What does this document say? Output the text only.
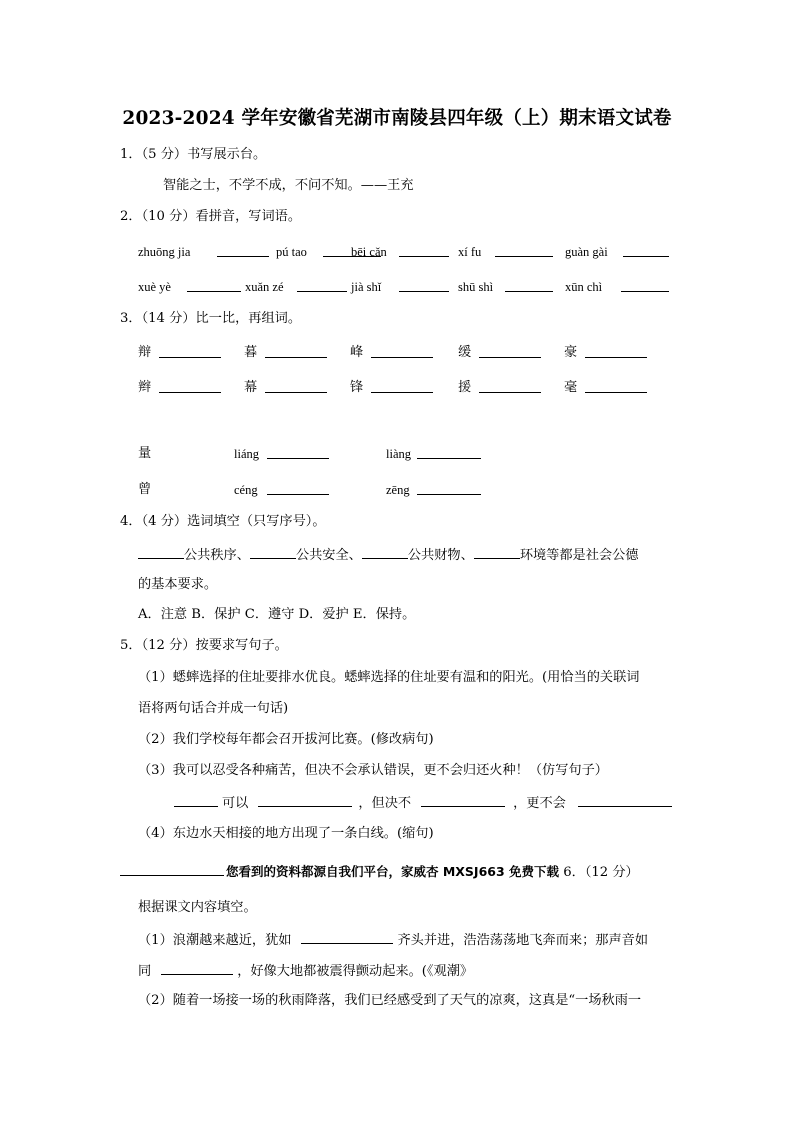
2023-2024 学年安徽省芜湖市南陵县四年级（上）期末语文试卷
1．（5 分）书写展示台。
智能之士，不学不成，不问不知。——王充
2．（10 分）看拼音，写词语。
zhuōng jia	pú tao	bēi cǎn	xí fu	guàn gài
xuè yè	xuǎn zé	jià shǐ	shū shì	xūn chì
3．（14 分）比一比，再组词。
辩	暮	峰	缓	豪
辫	幕	锋	援	毫
量	liáng	liàng
曾	céng	zēng
4．（4 分）选词填空（只写序号）。
公共秩序、	公共安全、	公共财物、	环境等都是社会公德
的基本要求。
A．注意 B．保护 C．遵守 D．爱护 E．保持。
5．（12 分）按要求写句子。
（1）蟋蟀选择的住址要排水优良。蟋蟀选择的住址要有温和的阳光。(用恰当的关联词
语将两句话合并成一句话)
（2）我们学校每年都会召开拔河比赛。(修改病句)
（3）我可以忍受各种痛苦，但决不会承认错误，更不会归还火种！（仿写句子）
可以	，但决不	，更不会
（4）东边水天相接的地方出现了一条白线。(缩句)
您看到的资料都源自我们平台，家威杏 MXSJ663 免费下载 6．（12 分）
根据课文内容填空。
（1）浪潮越来越近，犹如	齐头并进，浩浩荡荡地飞奔而来；那声音如
同	，好像大地都被震得颤动起来。(《观潮》
（2）随着一场接一场的秋雨降落，我们已经感受到了天气的凉爽，这真是“一场秋雨一
